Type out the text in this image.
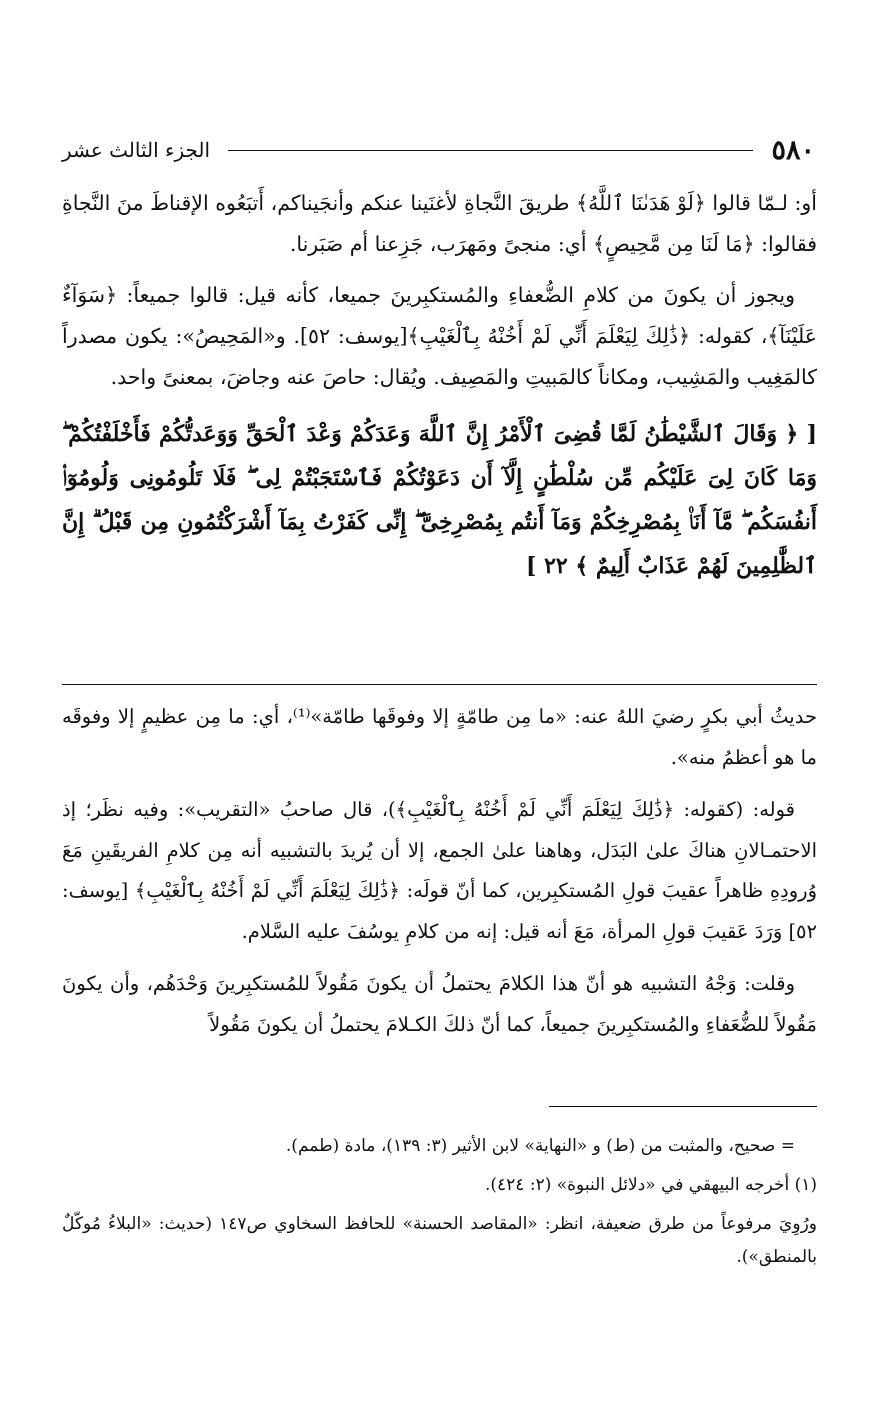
٥٨٠
الجزء الثالث عشر

أو: لـمّا قالوا ﴿لَوْ هَدَىٰنَا ٱللَّهُ﴾ طريقَ النَّجاةِ لأغنَينا عنكم وأنجَيناكم، أَتبَعُوه الإقناطَ منَ النَّجاةِ فقالوا: ﴿مَا لَنَا مِن مَّحِيصٍ﴾ أي: منجىً ومَهرَب، جَزِعنا أم صَبَرنا.

ويجوز أن يكونَ من كلامِ الضُّعفاءِ والمُستكبِرينَ جميعا، كأنه قيل: قالوا جميعاً: ﴿سَوَآءٌ عَلَيْنَآ﴾، كقوله: ﴿ذَٰلِكَ لِيَعْلَمَ أَنِّي لَمْ أَخُنْهُ بِٱلْغَيْبِ﴾[يوسف: ٥٢]. و«المَحِيصُ»: يكون مصدراً كالمَغِيب والمَشِيب، ومكاناً كالمَبيتِ والمَصِيف. ويُقال: حاصَ عنه وجاضَ، بمعنىً واحد.

[ ﴿ وَقَالَ ٱلشَّيْطَٰنُ لَمَّا قُضِىَ ٱلْأَمْرُ إِنَّ ٱللَّهَ وَعَدَكُمْ وَعْدَ ٱلْحَقِّ وَوَعَدتُّكُمْ فَأَخْلَفْتُكُمْ ۖ وَمَا كَانَ لِىَ عَلَيْكُم مِّن سُلْطَٰنٍ إِلَّآ أَن دَعَوْتُكُمْ فَٱسْتَجَبْتُمْ لِى ۖ فَلَا تَلُومُونِى وَلُومُوٓا۟ أَنفُسَكُم ۖ مَّآ أَنَا۠ بِمُصْرِخِكُمْ وَمَآ أَنتُم بِمُصْرِخِىَّ ۖ إِنِّى كَفَرْتُ بِمَآ أَشْرَكْتُمُونِ مِن قَبْلُ ۗ إِنَّ ٱلظَّٰلِمِينَ لَهُمْ عَذَابٌ أَلِيمٌ ﴾ ٢٢ ]

حديثُ أبي بكرٍ رضيَ اللهُ عنه: «ما مِن طامّةٍ إلا وفوقَها طامّة»⁽¹⁾، أي: ما مِن عظيمٍ إلا وفوقَه ما هو أعظمُ منه».

قوله: (كقوله: ﴿ذَٰلِكَ لِيَعْلَمَ أَنِّي لَمْ أَخُنْهُ بِٱلْغَيْبِ﴾)، قال صاحبُ «التقريب»: وفيه نظَر؛ إذ الاحتمـالانِ هناكَ علىٰ البَدَل، وهاهنا علىٰ الجمع، إلا أن يُريدَ بالتشبيه أنه مِن كلامِ الفريقَينِ مَعَ وُرودِهِ ظاهراً عقيبَ قولِ المُستكبِرين، كما أنّ قولَه: ﴿ذَٰلِكَ لِيَعْلَمَ أَنِّي لَمْ أَخُنْهُ بِٱلْغَيْبِ﴾ [يوسف: ٥٢] وَرَدَ عَقيبَ قولِ المرأة، مَعَ أنه قيل: إنه من كلامِ يوسُفَ عليه السَّلام.

وقلت: وَجْهُ التشبيه هو أنّ هذا الكلامَ يحتملُ أن يكونَ مَقُولاً للمُستكبِرينَ وَحْدَهُم، وأن يكونَ مَقُولاً للضُّعَفاءِ والمُستكبِرينَ جميعاً، كما أنّ ذلكَ الكـلامَ يحتملُ أن يكونَ مَقُولاً

= صحيح، والمثبت من (ط) و «النهاية» لابن الأثير (٣: ١٣٩)، مادة (طمم).

(١) أخرجه البيهقي في «دلائل النبوة» (٢: ٤٢٤).

ورُوِيَ مرفوعاً من طرق ضعيفة، انظر: «المقاصد الحسنة» للحافظ السخاوي ص١٤٧ (حديث: «البلاءُ مُوكّلٌ بالمنطق»).
